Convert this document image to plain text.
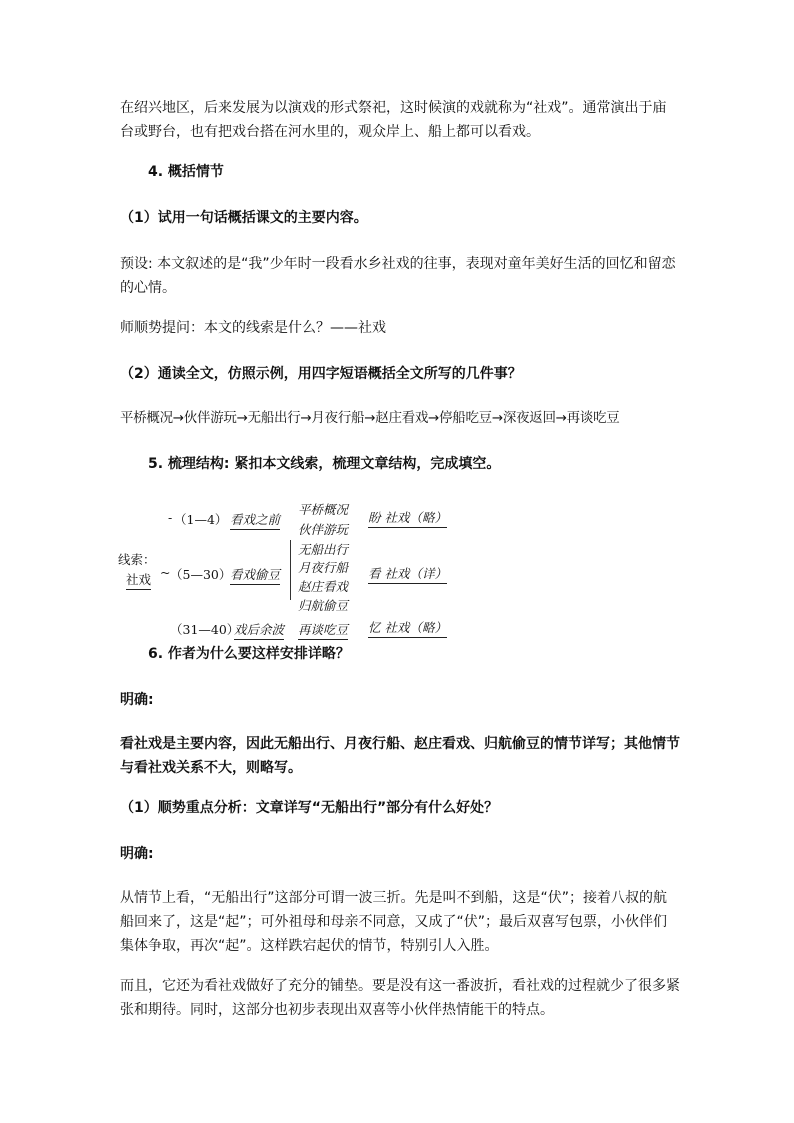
在绍兴地区，后来发展为以演戏的形式祭祀，这时候演的戏就称为“社戏”。通常演出于庙台或野台，也有把戏台搭在河水里的，观众岸上、船上都可以看戏。
4. 概括情节
（1）试用一句话概括课文的主要内容。
预设: 本文叙述的是“我”少年时一段看水乡社戏的往事，表现对童年美好生活的回忆和留恋的心情。
师顺势提问：本文的线索是什么？——社戏
（2）通读全文，仿照示例，用四字短语概括全文所写的几件事？
平桥概况→伙伴游玩→无船出行→月夜行船→赵庄看戏→停船吃豆→深夜返回→再谈吃豆
5. 梳理结构: 紧扣本文线索，梳理文章结构，完成填空。
线索：
社戏
- （1—4） 看戏之前
平桥概况
伙伴游玩
盼 社戏（略）
~ （5—30）
看戏偷豆
无船出行
月夜行船
赵庄看戏
归航偷豆
看 社戏（详）
（31—40）
戏后余波 再谈吃豆 忆 社戏（略）
6. 作者为什么要这样安排详略？
明确:
看社戏是主要内容，因此无船出行、月夜行船、赵庄看戏、归航偷豆的情节详写；其他情节与看社戏关系不大，则略写。
（1）顺势重点分析：文章详写“无船出行”部分有什么好处？
明确:
从情节上看，“无船出行”这部分可谓一波三折。先是叫不到船，这是“伏”；接着八叔的航船回来了，这是“起”；可外祖母和母亲不同意，又成了“伏”；最后双喜写包票，小伙伴们集体争取，再次“起”。这样跌宕起伏的情节，特别引人入胜。
而且，它还为看社戏做好了充分的铺垫。要是没有这一番波折，看社戏的过程就少了很多紧张和期待。同时，这部分也初步表现出双喜等小伙伴热情能干的特点。
